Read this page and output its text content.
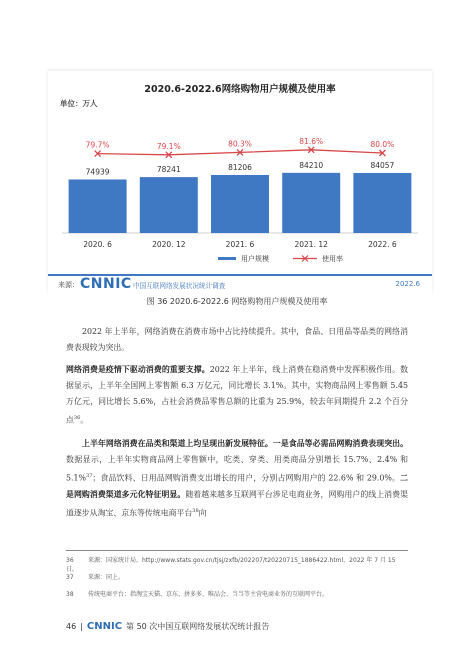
2020.6-2022.6网络购物用户规模及使用率
单位：万人
74939
2020. 6
78241
2020. 12
81206
2021. 6
84210
2021. 12
84057
2022. 6
79.7%	79.1%	80.3%	81.6%	80.0%
用户规模	使用率
来源： CNNIC 中国互联网络发展状况统计调查	2022.6
图 36 2020.6-2022.6 网络购物用户规模及使用率

2022 年上半年，网络消费在消费市场中占比持续提升。其中，食品、日用品等品类的网络消费表现较为突出。

网络消费是疫情下驱动消费的重要支撑。2022 年上半年，线上消费在稳消费中发挥积极作用。数据显示，上半年全国网上零售额 6.3 万亿元，同比增长 3.1%。其中，实物商品网上零售额 5.45 万亿元，同比增长 5.6%，占社会消费品零售总额的比重为 25.9%，较去年同期提升 2.2 个百分点$^{36}$。

上半年网络消费在品类和渠道上均呈现出新发展特征。一是食品等必需品网购消费表现突出。数据显示，上半年实物商品网上零售额中，吃类、穿类、用类商品分别增长 15.7%、2.4% 和 5.1%$^{37}$；食品饮料、日用品网购消费支出增长的用户，分别占网购用户的 22.6% 和 29.0%。二是网购消费渠道多元化特征明显。随着越来越多互联网平台涉足电商业务，网购用户的线上消费渠道逐步从淘宝、京东等传统电商平台$^{38}$向

36 来源：国家统计局，http://www.stats.gov.cn/tjsj/zxfb/202207/t20220715_1886422.html，2022 年 7 月 15 日。
37 来源：同上。
38 传统电商平台：指淘宝天猫、京东、拼多多、唯品会、当当等主营电商业务的互联网平台。
46 | CNNIC 第 50 次中国互联网络发展状况统计报告
